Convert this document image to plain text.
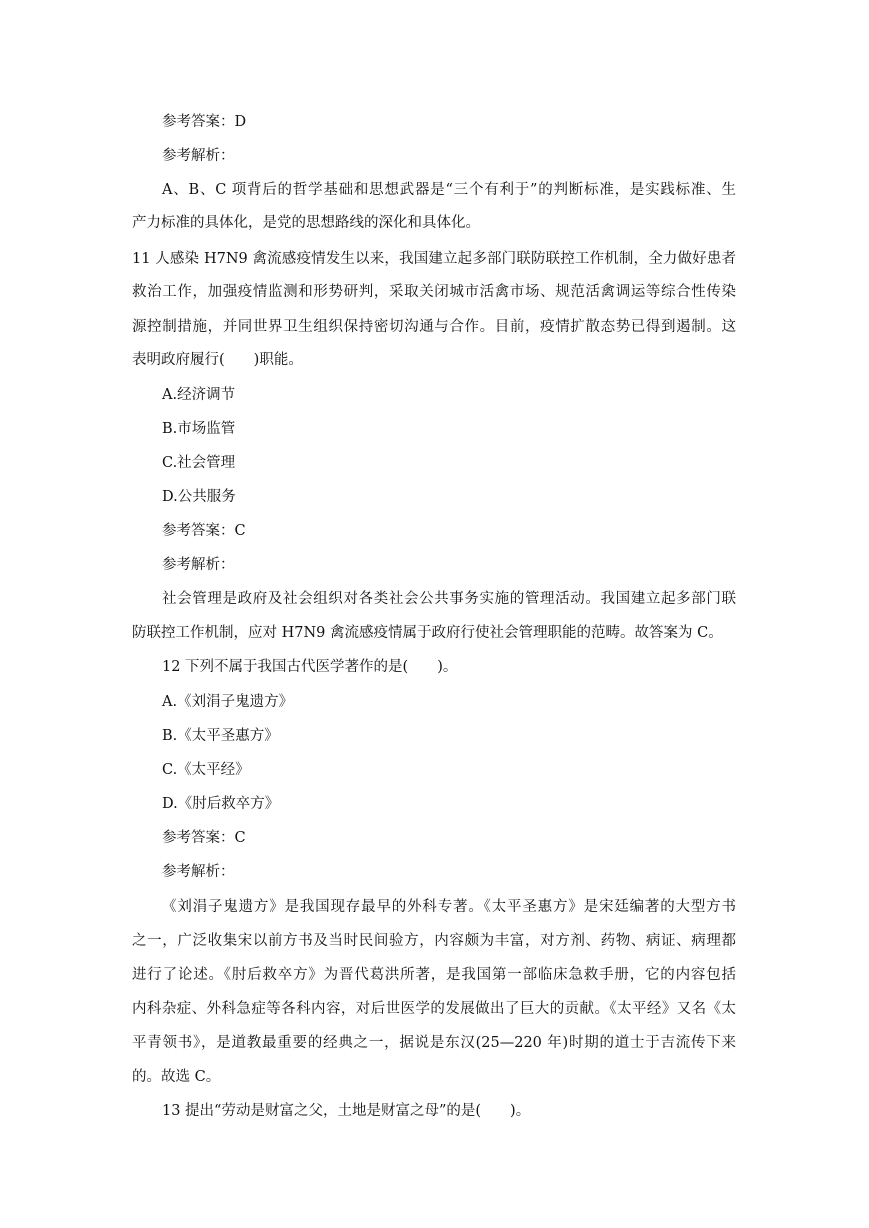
参考答案：D
参考解析：
A、B、C 项背后的哲学基础和思想武器是“三个有利于”的判断标准，是实践标准、生
产力标准的具体化，是党的思想路线的深化和具体化。
11 人感染 H7N9 禽流感疫情发生以来，我国建立起多部门联防联控工作机制，全力做好患者
救治工作，加强疫情监测和形势研判，采取关闭城市活禽市场、规范活禽调运等综合性传染
源控制措施，并同世界卫生组织保持密切沟通与合作。目前，疫情扩散态势已得到遏制。这
表明政府履行(　　)职能。
A.经济调节
B.市场监管
C.社会管理
D.公共服务
参考答案：C
参考解析：
社会管理是政府及社会组织对各类社会公共事务实施的管理活动。我国建立起多部门联
防联控工作机制，应对 H7N9 禽流感疫情属于政府行使社会管理职能的范畴。故答案为 C。
12 下列不属于我国古代医学著作的是(　　)。
A.《刘涓子鬼遗方》
B.《太平圣惠方》
C.《太平经》
D.《肘后救卒方》
参考答案：C
参考解析：
《刘涓子鬼遗方》是我国现存最早的外科专著。《太平圣惠方》是宋廷编著的大型方书
之一，广泛收集宋以前方书及当时民间验方，内容颇为丰富，对方剂、药物、病证、病理都
进行了论述。《肘后救卒方》为晋代葛洪所著，是我国第一部临床急救手册，它的内容包括
内科杂症、外科急症等各科内容，对后世医学的发展做出了巨大的贡献。《太平经》又名《太
平青领书》，是道教最重要的经典之一，据说是东汉(25—220 年)时期的道士于吉流传下来
的。故选 C。
13 提出“劳动是财富之父，土地是财富之母”的是(　　)。
